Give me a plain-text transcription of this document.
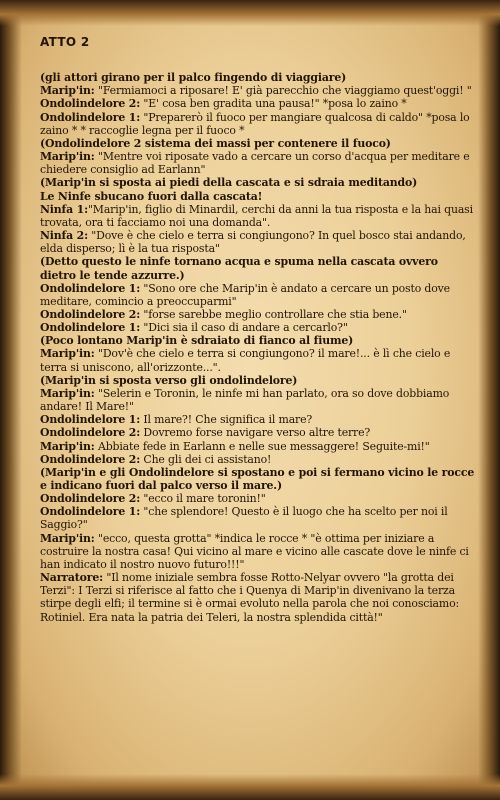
ATTO 2

(gli attori girano per il palco fingendo di viaggiare)

Marip'in: "Fermiamoci a riposare! E' già parecchio che viaggiamo quest'oggi! "

Ondolindelore 2: "E' cosa ben gradita una pausa!" *posa lo zaino *

Ondolindelore 1: "Preparerò il fuoco per mangiare qualcosa di caldo" *posa lo zaino * * raccoglie legna per il fuoco *

(Ondolindelore 2 sistema dei massi per contenere il fuoco)

Marip'in: "Mentre voi riposate vado a cercare un corso d'acqua per meditare e chiedere consiglio ad Earlann"

(Marip'in si sposta ai piedi della cascata e si sdraia meditando)

Le Ninfe sbucano fuori dalla cascata!

Ninfa 1:"Marip'in, figlio di Minardil, cerchi da anni la tua risposta e la hai quasi trovata, ora ti facciamo noi una domanda".

Ninfa 2: "Dove è che cielo e terra si congiungono? In quel bosco stai andando, elda disperso; lì è la tua risposta"

(Detto questo le ninfe tornano acqua e spuma nella cascata ovvero dietro le tende azzurre.)

Ondolindelore 1: "Sono ore che Marip'in è andato a cercare un posto dove meditare, comincio a preoccuparmi"

Ondolindelore 2: "forse sarebbe meglio controllare che stia bene."

Ondolindelore 1: "Dici sia il caso di andare a cercarlo?"

(Poco lontano Marip'in è sdraiato di fianco al fiume)

Marip'in: "Dov'è che cielo e terra si congiungono? il mare!... è lì che cielo e terra si uniscono, all'orizzonte...".

(Marip'in si sposta verso gli ondolindelore)

Marip'in: "Selerin e Toronin, le ninfe mi han parlato, ora so dove dobbiamo andare! Il Mare!"

Ondolindelore 1: Il mare?! Che significa il mare?

Ondolindelore 2: Dovremo forse navigare verso altre terre?

Marip'in: Abbiate fede in Earlann e nelle sue messaggere! Seguite-mi!"

Ondolindelore 2: Che gli dei ci assistano!

(Marip'in e gli Ondolindelore si spostano e poi si fermano vicino le rocce e indicano fuori dal palco verso il mare.)

Ondolindelore 2: "ecco il mare toronin!"

Ondolindelore 1: "che splendore! Questo è il luogo che ha scelto per noi il Saggio?"

Marip'in: "ecco, questa grotta" *indica le rocce * "è ottima per iniziare a costruire la nostra casa! Qui vicino al mare e vicino alle cascate dove le ninfe ci han indicato il nostro nuovo futuro!!!"

Narratore: "Il nome iniziale sembra fosse Rotto-Nelyar ovvero "la grotta dei Terzi": I Terzi si riferisce al fatto che i Quenya di Marip'in divenivano la terza stirpe degli elfi; il termine si è ormai evoluto nella parola che noi conosciamo: Rotiniel. Era nata la patria dei Teleri, la nostra splendida città!"
